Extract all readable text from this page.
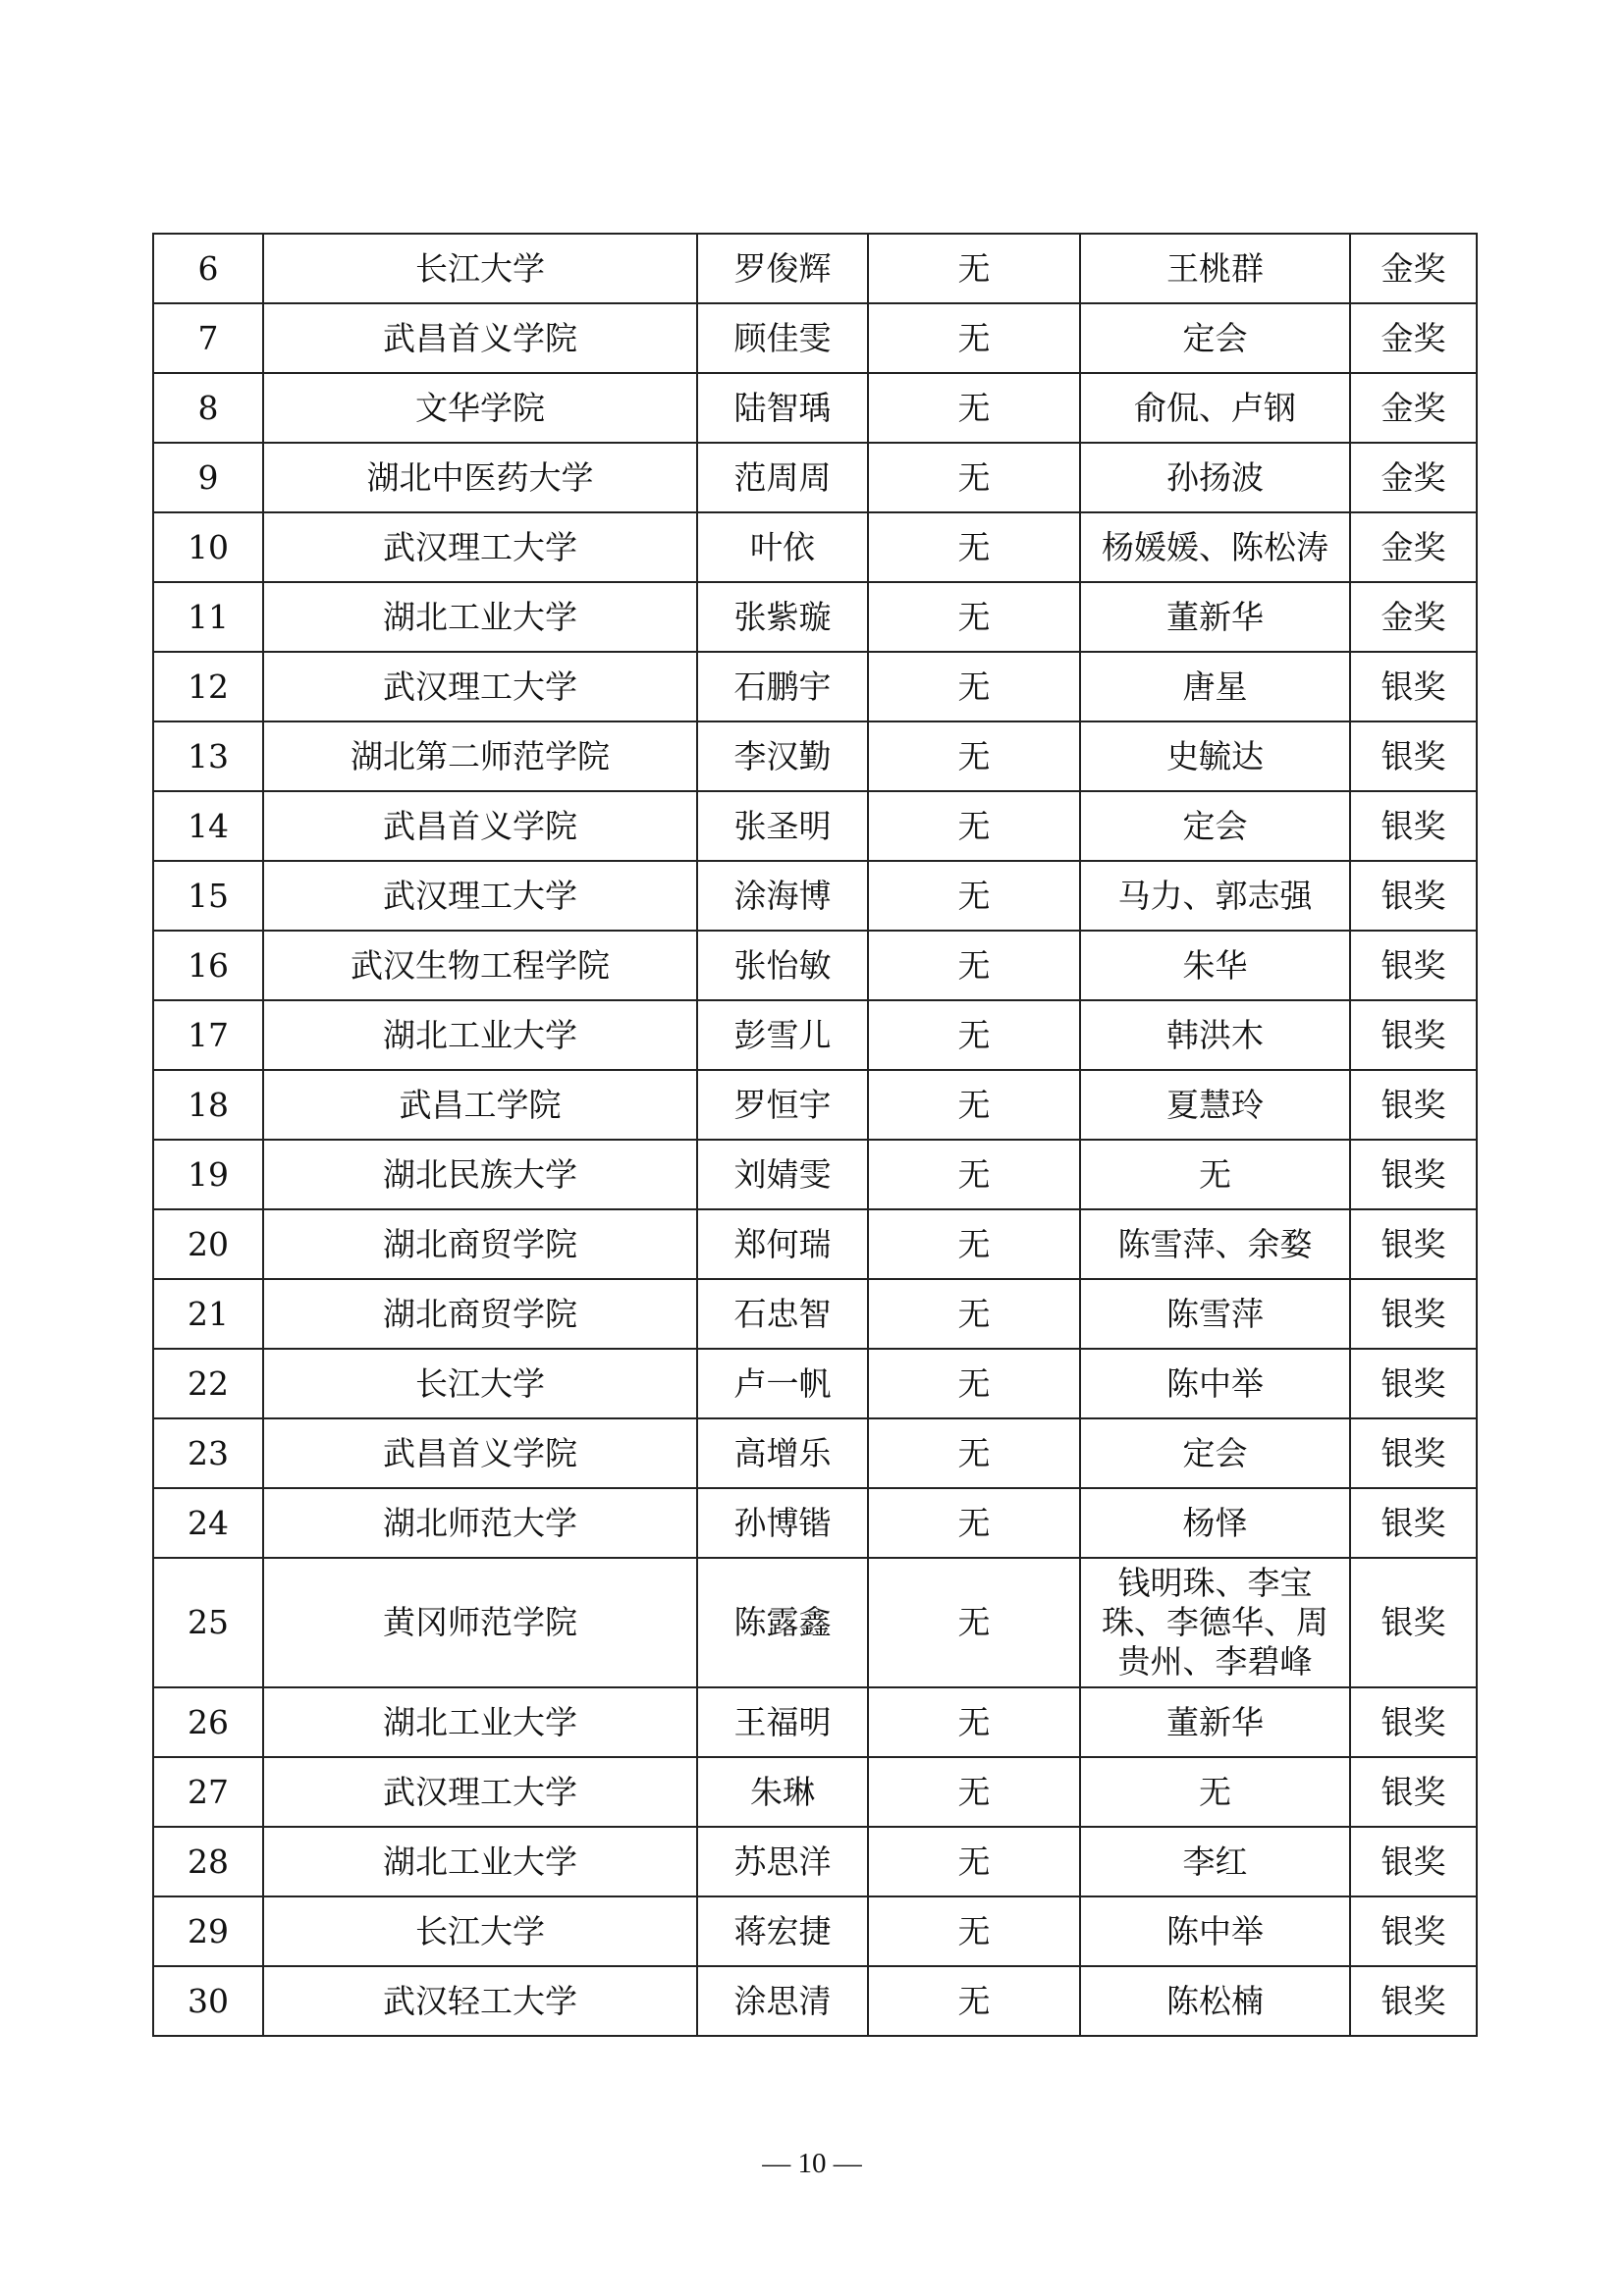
6	长江大学	罗俊辉	无	王桃群	金奖
7	武昌首义学院	顾佳雯	无	定会	金奖
8	文华学院	陆智瑀	无	俞侃、卢钢	金奖
9	湖北中医药大学	范周周	无	孙扬波	金奖
10	武汉理工大学	叶依	无	杨媛媛、陈松涛	金奖
11	湖北工业大学	张紫璇	无	董新华	金奖
12	武汉理工大学	石鹏宇	无	唐星	银奖
13	湖北第二师范学院	李汉勤	无	史毓达	银奖
14	武昌首义学院	张圣明	无	定会	银奖
15	武汉理工大学	涂海博	无	马力、郭志强	银奖
16	武汉生物工程学院	张怡敏	无	朱华	银奖
17	湖北工业大学	彭雪儿	无	韩洪木	银奖
18	武昌工学院	罗恒宇	无	夏慧玲	银奖
19	湖北民族大学	刘婧雯	无	无	银奖
20	湖北商贸学院	郑何瑞	无	陈雪萍、余婺	银奖
21	湖北商贸学院	石忠智	无	陈雪萍	银奖
22	长江大学	卢一帆	无	陈中举	银奖
23	武昌首义学院	高增乐	无	定会	银奖
24	湖北师范大学	孙博锴	无	杨怿	银奖
25	黄冈师范学院	陈露鑫	无	钱明珠、李宝珠、李德华、周贵州、李碧峰	银奖
26	湖北工业大学	王福明	无	董新华	银奖
27	武汉理工大学	朱琳	无	无	银奖
28	湖北工业大学	苏思洋	无	李红	银奖
29	长江大学	蒋宏捷	无	陈中举	银奖
30	武汉轻工大学	涂思清	无	陈松楠	银奖
— 10 —
